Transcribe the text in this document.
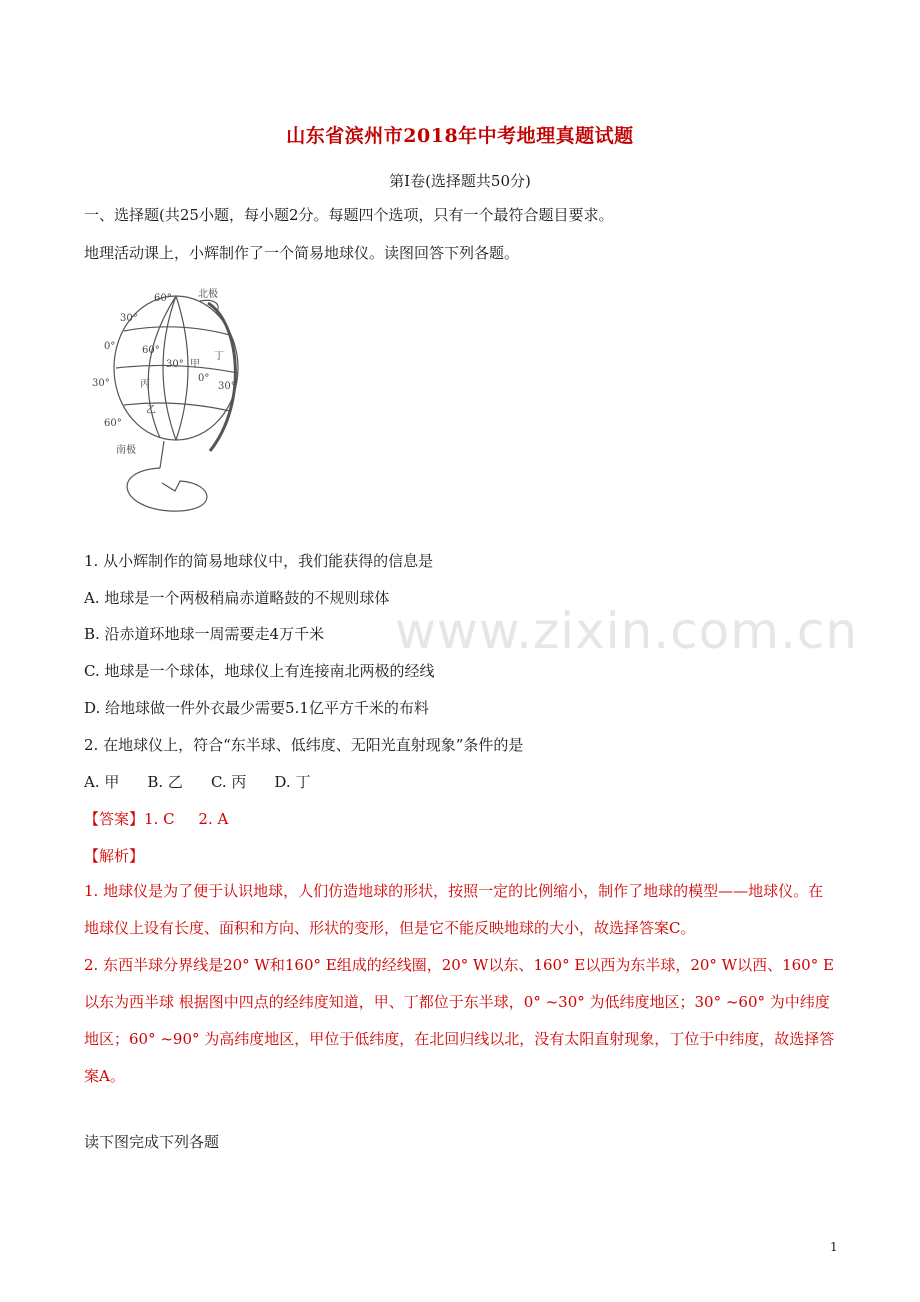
山东省滨州市2018年中考地理真题试题
第Ⅰ卷(选择题共50分)
一、选择题(共25小题，每小题2分。每题四个选项，只有一个最符合题目要求。
地理活动课上，小辉制作了一个简易地球仪。读图回答下列各题。
北极
60°
30°
0°
30°
60°
南极
60°
30°
0°
30°
甲
丁
丙
乙
1. 从小辉制作的简易地球仪中，我们能获得的信息是
A. 地球是一个两极稍扁赤道略鼓的不规则球体
B. 沿赤道环地球一周需要走4万千米
C. 地球是一个球体，地球仪上有连接南北两极的经线
D. 给地球做一件外衣最少需要5.1亿平方千米的布料
2. 在地球仪上，符合“东半球、低纬度、无阳光直射现象”条件的是
A. 甲 B. 乙 C. 丙 D. 丁
【答案】1. C     2. A
【解析】
1. 地球仪是为了便于认识地球，人们仿造地球的形状，按照一定的比例缩小，制作了地球的模型——地球仪。在地球仪上设有长度、面积和方向、形状的变形，但是它不能反映地球的大小，故选择答案C。
2. 东西半球分界线是20° W和160° E组成的经线圈，20° W以东、160° E以西为东半球，20° W以西、160° E以东为西半球 根据图中四点的经纬度知道，甲、丁都位于东半球，0° ~30° 为低纬度地区；30° ~60° 为中纬度地区；60° ~90° 为高纬度地区，甲位于低纬度，在北回归线以北，没有太阳直射现象，丁位于中纬度，故选择答案A。
读下图完成下列各题
www.zixin.com.cn
1
